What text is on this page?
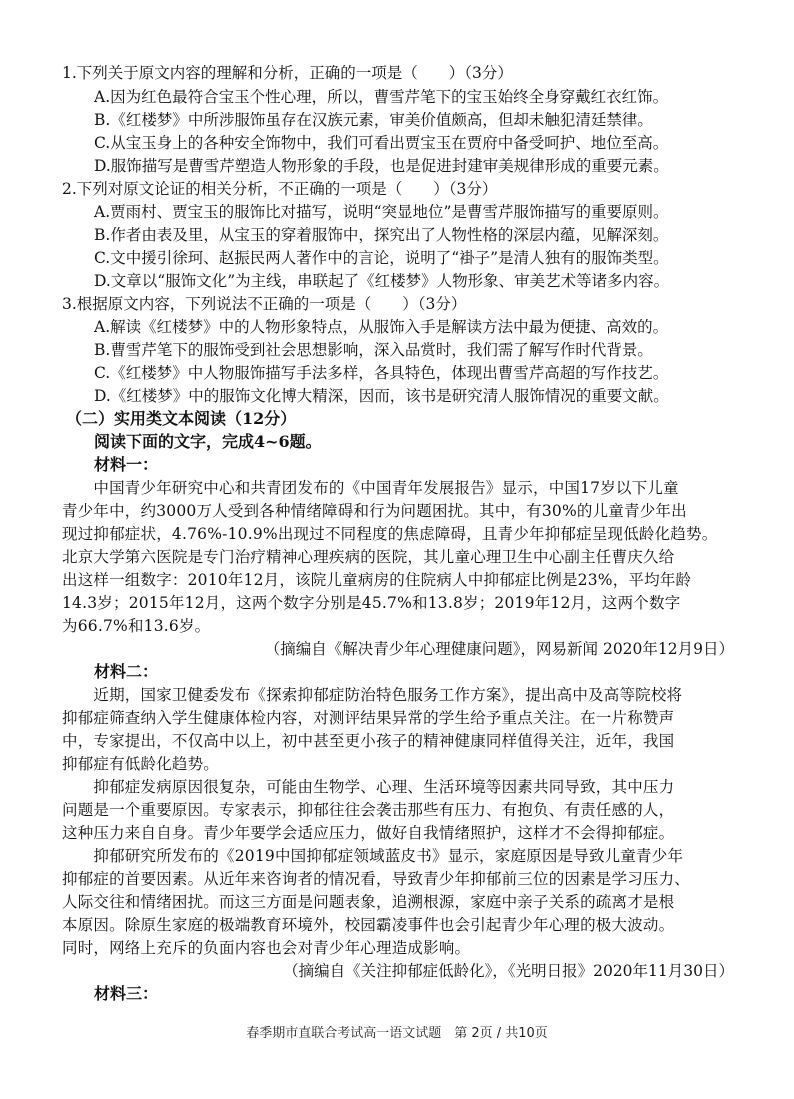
1.下列关于原文内容的理解和分析，正确的一项是（　　）（3分）
A.因为红色最符合宝玉个性心理，所以，曹雪芹笔下的宝玉始终全身穿戴红衣红饰。
B.《红楼梦》中所涉服饰虽存在汉族元素，审美价值颇高，但却未触犯清廷禁律。
C.从宝玉身上的各种安全饰物中，我们可看出贾宝玉在贾府中备受呵护、地位至高。
D.服饰描写是曹雪芹塑造人物形象的手段，也是促进封建审美规律形成的重要元素。
2.下列对原文论证的相关分析，不正确的一项是（　　）（3分）
A.贾雨村、贾宝玉的服饰比对描写，说明“突显地位”是曹雪芹服饰描写的重要原则。
B.作者由表及里，从宝玉的穿着服饰中，探究出了人物性格的深层内蕴，见解深刻。
C.文中援引徐珂、赵振民两人著作中的言论，说明了“褂子”是清人独有的服饰类型。
D.文章以“服饰文化”为主线，串联起了《红楼梦》人物形象、审美艺术等诸多内容。
3.根据原文内容，下列说法不正确的一项是（　　）（3分）
A.解读《红楼梦》中的人物形象特点，从服饰入手是解读方法中最为便捷、高效的。
B.曹雪芹笔下的服饰受到社会思想影响，深入品赏时，我们需了解写作时代背景。
C.《红楼梦》中人物服饰描写手法多样，各具特色，体现出曹雪芹高超的写作技艺。
D.《红楼梦》中的服饰文化博大精深，因而，该书是研究清人服饰情况的重要文献。
（二）实用类文本阅读（12分）
阅读下面的文字，完成4~6题。
材料一：
　　中国青少年研究中心和共青团发布的《中国青年发展报告》显示，中国17岁以下儿童
青少年中，约3000万人受到各种情绪障碍和行为问题困扰。其中，有30%的儿童青少年出
现过抑郁症状，4.76%-10.9%出现过不同程度的焦虑障碍，且青少年抑郁症呈现低龄化趋势。
北京大学第六医院是专门治疗精神心理疾病的医院，其儿童心理卫生中心副主任曹庆久给
出这样一组数字：2010年12月，该院儿童病房的住院病人中抑郁症比例是23%，平均年龄
14.3岁；2015年12月，这两个数字分别是45.7%和13.8岁；2019年12月，这两个数字
为66.7%和13.6岁。
（摘编自《解决青少年心理健康问题》，网易新闻 2020年12月9日）
材料二：
　　近期，国家卫健委发布《探索抑郁症防治特色服务工作方案》，提出高中及高等院校将
抑郁症筛查纳入学生健康体检内容，对测评结果异常的学生给予重点关注。在一片称赞声
中，专家提出，不仅高中以上，初中甚至更小孩子的精神健康同样值得关注，近年，我国
抑郁症有低龄化趋势。
　　抑郁症发病原因很复杂，可能由生物学、心理、生活环境等因素共同导致，其中压力
问题是一个重要原因。专家表示，抑郁往往会袭击那些有压力、有抱负、有责任感的人，
这种压力来自自身。青少年要学会适应压力，做好自我情绪照护，这样才不会得抑郁症。
　　抑郁研究所发布的《2019中国抑郁症领域蓝皮书》显示，家庭原因是导致儿童青少年
抑郁症的首要因素。从近年来咨询者的情况看，导致青少年抑郁前三位的因素是学习压力、
人际交往和情绪困扰。而这三方面是问题表象，追溯根源，家庭中亲子关系的疏离才是根
本原因。除原生家庭的极端教育环境外，校园霸凌事件也会引起青少年心理的极大波动。
同时，网络上充斥的负面内容也会对青少年心理造成影响。
（摘编自《关注抑郁症低龄化》，《光明日报》2020年11月30日）
材料三：
春季期市直联合考试高一语文试题　第 2页 / 共10页
